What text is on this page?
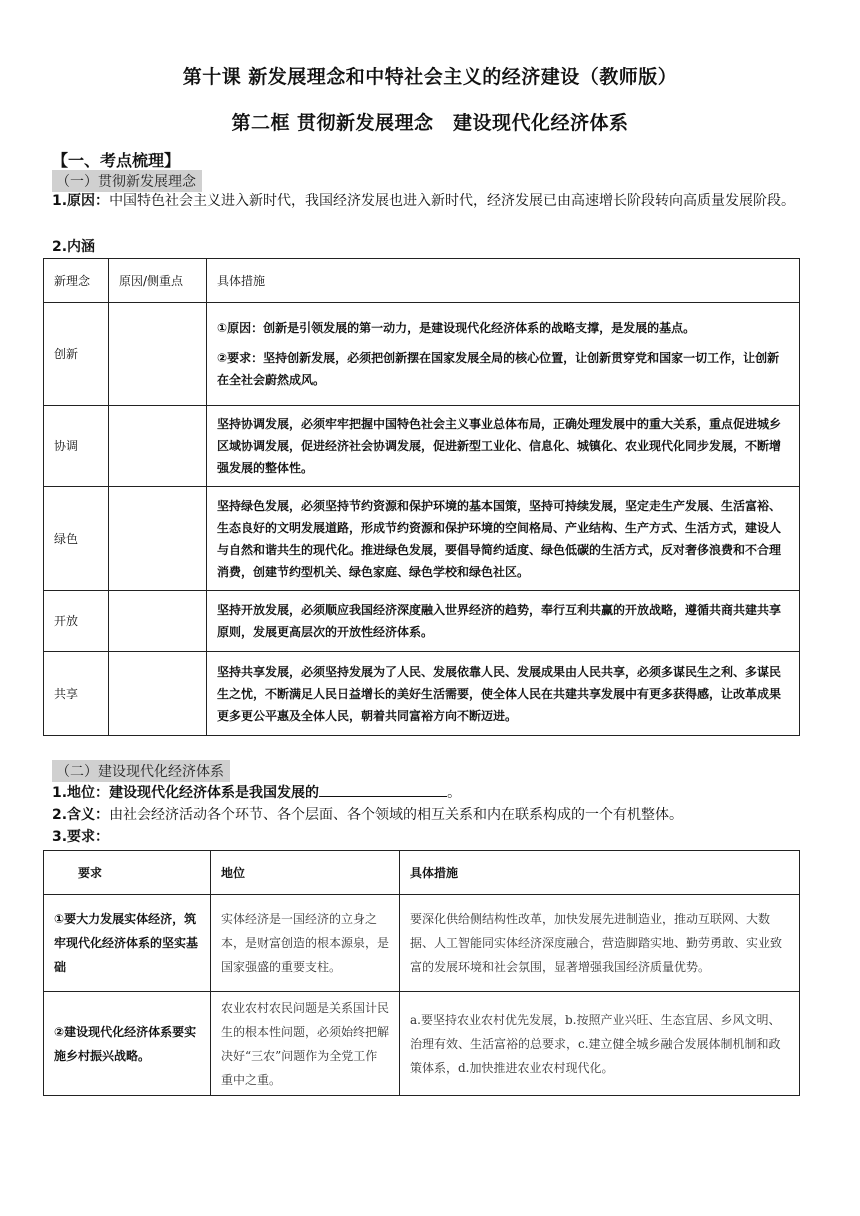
第十课 新发展理念和中特社会主义的经济建设（教师版）
第二框 贯彻新发展理念　建设现代化经济体系
【一、考点梳理】
（一）贯彻新发展理念
1.原因：中国特色社会主义进入新时代，我国经济发展也进入新时代，经济发展已由高速增长阶段转向高质量发展阶段。
2.内涵
新理念	原因/侧重点	具体措施
创新		①原因：创新是引领发展的第一动力，是建设现代化经济体系的战略支撑，是发展的基点。
②要求：坚持创新发展，必须把创新摆在国家发展全局的核心位置，让创新贯穿党和国家一切工作，让创新在全社会蔚然成风。

协调		坚持协调发展，必须牢牢把握中国特色社会主义事业总体布局，正确处理发展中的重大关系，重点促进城乡区域协调发展，促进经济社会协调发展，促进新型工业化、信息化、城镇化、农业现代化同步发展，不断增强发展的整体性。
绿色		坚持绿色发展，必须坚持节约资源和保护环境的基本国策，坚持可持续发展，坚定走生产发展、生活富裕、生态良好的文明发展道路，形成节约资源和保护环境的空间格局、产业结构、生产方式、生活方式，建设人与自然和谐共生的现代化。推进绿色发展，要倡导简约适度、绿色低碳的生活方式，反对奢侈浪费和不合理消费，创建节约型机关、绿色家庭、绿色学校和绿色社区。
开放		坚持开放发展，必须顺应我国经济深度融入世界经济的趋势，奉行互利共赢的开放战略，遵循共商共建共享原则，发展更高层次的开放性经济体系。
共享		坚持共享发展，必须坚持发展为了人民、发展依靠人民、发展成果由人民共享，必须多谋民生之利、多谋民生之忧，不断满足人民日益增长的美好生活需要，使全体人民在共建共享发展中有更多获得感，让改革成果更多更公平惠及全体人民，朝着共同富裕方向不断迈进。
（二）建设现代化经济体系
1.地位：建设现代化经济体系是我国发展的	。
2.含义：由社会经济活动各个环节、各个层面、各个领域的相互关系和内在联系构成的一个有机整体。
3.要求：
要求	地位	具体措施
①要大力发展实体经济，筑牢现代化经济体系的坚实基础	实体经济是一国经济的立身之本，是财富创造的根本源泉，是国家强盛的重要支柱。	要深化供给侧结构性改革，加快发展先进制造业，推动互联网、大数据、人工智能同实体经济深度融合，营造脚踏实地、勤劳勇敢、实业致富的发展环境和社会氛围，显著增强我国经济质量优势。
②建设现代化经济体系要实施乡村振兴战略。	农业农村农民问题是关系国计民生的根本性问题，必须始终把解决好“三农”问题作为全党工作重中之重。	a.要坚持农业农村优先发展，b.按照产业兴旺、生态宜居、乡风文明、治理有效、生活富裕的总要求，c.建立健全城乡融合发展体制机制和政策体系，d.加快推进农业农村现代化。
